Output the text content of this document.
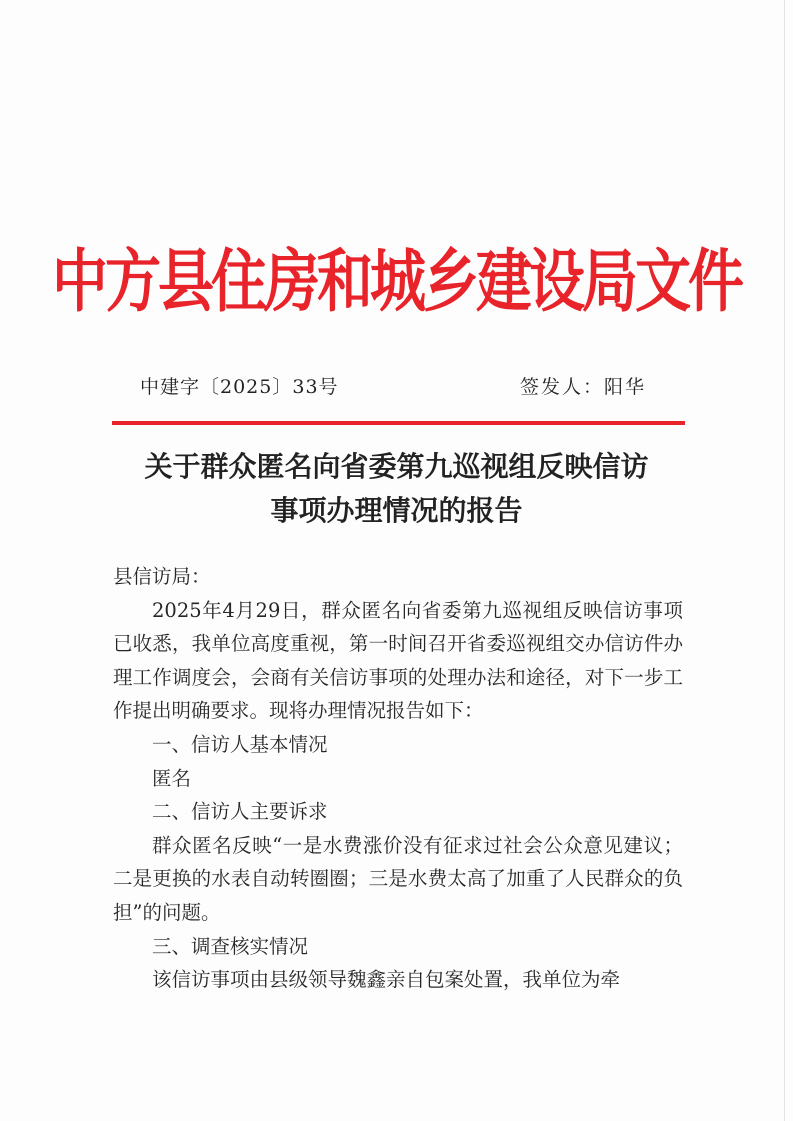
中方县住房和城乡建设局文件
中建字〔2025〕33号	签发人：阳华
关于群众匿名向省委第九巡视组反映信访
事项办理情况的报告

县信访局：

2025年4月29日，群众匿名向省委第九巡视组反映信访事项已收悉，我单位高度重视，第一时间召开省委巡视组交办信访件办理工作调度会，会商有关信访事项的处理办法和途径，对下一步工作提出明确要求。现将办理情况报告如下：

一、信访人基本情况

匿名

二、信访人主要诉求

群众匿名反映“一是水费涨价没有征求过社会公众意见建议；二是更换的水表自动转圈圈；三是水费太高了加重了人民群众的负担”的问题。

三、调查核实情况

该信访事项由县级领导魏鑫亲自包案处置，我单位为牵
